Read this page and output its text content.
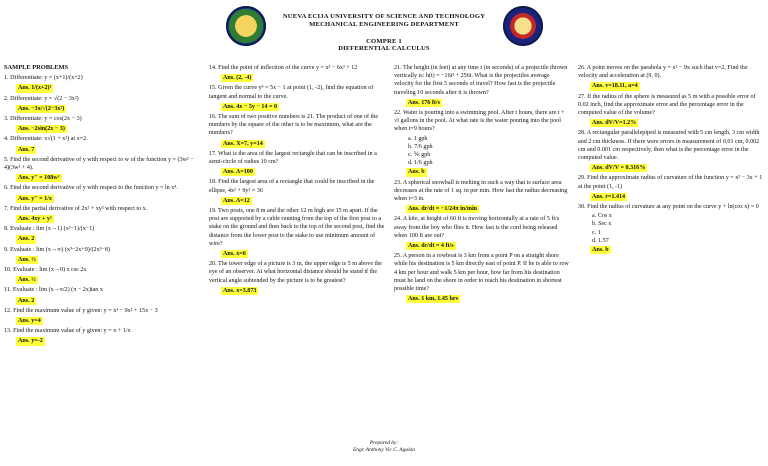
NUEVA ECIJA UNIVERSITY OF SCIENCE AND TECHNOLOGY
MECHANICAL ENGINEERING DEPARTMENT
COMPRE 1
DIFFERENTIAL CALCULUS
SAMPLE PROBLEMS
1. Differentiate: y = (x+1)/(x+2)
Ans. 1/(x+2)²
2. Differentiate: y = √(2 − 3x²)
Ans. −3x/√(2−3x²)
3. Differentiate: y = cos(2x − 3)
Ans. −2sin(2x − 3)
4. Differentiate: x√(1 + x²) at x=2.
Ans. 7
5. Find the second derivative of y with respect to w of the function y = (3w² − 4)(3w² + 4).
Ans. y'' = 108w²
6. Find the second derivative of y with respect to the function y = ln x⁴.
Ans. y'' = 1/x
7. Find the partial derivative of 2x² + xy² with respect to x.
Ans. 4xy + y²
8. Evaluate : lim (x→1) (x²−1)/(x−1)
Ans. 2
9. Evaluate : lim (x→∞) (x³−2x+9)/(2x³−8)
Ans. ½
10. Evaluate : lim (x→0) x csc 2x
Ans. ½
11. Evaluate : lim (x→π/2) (π − 2x)tan x
Ans. 2
12. Find the maximum value of y given: y = x³ − 9x² + 15x − 3
Ans. y=4
13. Find the maximum value of y given: y = x + 1/x
Ans. y=-2
14. Find the point of inflection of the curve y = x³ − 6x² + 12
Ans. (2, -4)
15. Given the curve y³ = 5x − 1 at point (1, -2), find the equation of tangent and normal to the curve.
Ans. 4x − 5y − 14 = 0
16. The sum of two positive numbers is 21. The product of one of the numbers by the square of the other is to be maximum, what are the numbers?
Ans. X=7, y=14
17. What is the area of the largest rectangle that can be inscribed in a semi-circle of radius 10 cm?
Ans. A=100
18. Find the largest area of a rectangle that could be inscribed in the ellipse, 4x² + 9y² = 36
Ans. A=12
19. Two posts, one 8 m and the other 12 m high are 15 m apart. If the post are supported by a cable running from the top of the first post to a stake on the ground and then back to the top of the second post, find the distance from the lower post to the stake to use minimum amount of wire?
Ans. x=6
20. The tower edge of a picture is 3 m, the upper edge is 5 m above the eye of an observer. At what horizontal distance should he stand if the vertical angle subtended by the picture is to be greatest?
Ans. x=3.873
21. The height (in feet) at any time t (in seconds) of a projectile thrown vertically is: h(t) = −16t² + 256t. What is the projectiles average velocity for the first 5 seconds of travel? How fast is the projectile traveling 10 seconds after it is thrown?
Ans. 176 ft/s
22. Water is pouring into a swimming pool. After t hours, there are t + √t gallons in the pool. At what rate is the water pouring into the pool when t=9 hours?
a. 1 gph
b. 7/6 gph
c. ⅙ gph
d. 1/6 gph
Ans. b
23. A spherical snowball is melting in such a way that is surface area decreases at the rate of 1 sq. in per min. How fast the radius decreasing when t=3 in.
Ans. dr/dt = −1/24π in/min
24. A kite, at height of 60 ft is moving horizontally at a rate of 5 ft/s away from the boy who flies it. How fast is the cord being released when 100 ft are out?
Ans. dc/dt = 4 ft/s
25. A person in a rowboat is 3 km from a point P on a straight shore while his destination is 5 km directly east of point P. If he is able to row 4 km per hour and walk 5 km per hour, how far from his destination must he land on the shore in order to reach his destination in shortest possible time?
Ans. 1 km, 1.45 hrs
26. A point moves on the parabola y = x² − 9x such that v=2, Find the velocity and acceleration at (9, 0).
Ans. v=18.11, a=4
27. If the radius of the sphere is measured as 5 m with a possible error of 0.02 inch, find the approximate error and the percentage error in the computed value of the volume?
Ans. dV/V=1.2%
28. A rectangular parallelepiped is measured with 5 cm length, 3 cm width and 2 cm thickness. If there were errors in measurement of 0.01 cm, 0.002 cm and 0.001 cm respectively, then what is the percentage error in the computed value.
Ans. dV/V = 0.316%
29. Find the approximate radius of curvature of the function y = x² − 3x + 1 at the point (1, -1)
Ans. r=1.414
30. Find the radius of curvature at any point on the curve y + ln(cos x) = 0
a. Cos x
b. Sec x
c. 1
d. 1.57
Ans. b
Prepared by:
Engr. Anthony Vic C. Agulan
